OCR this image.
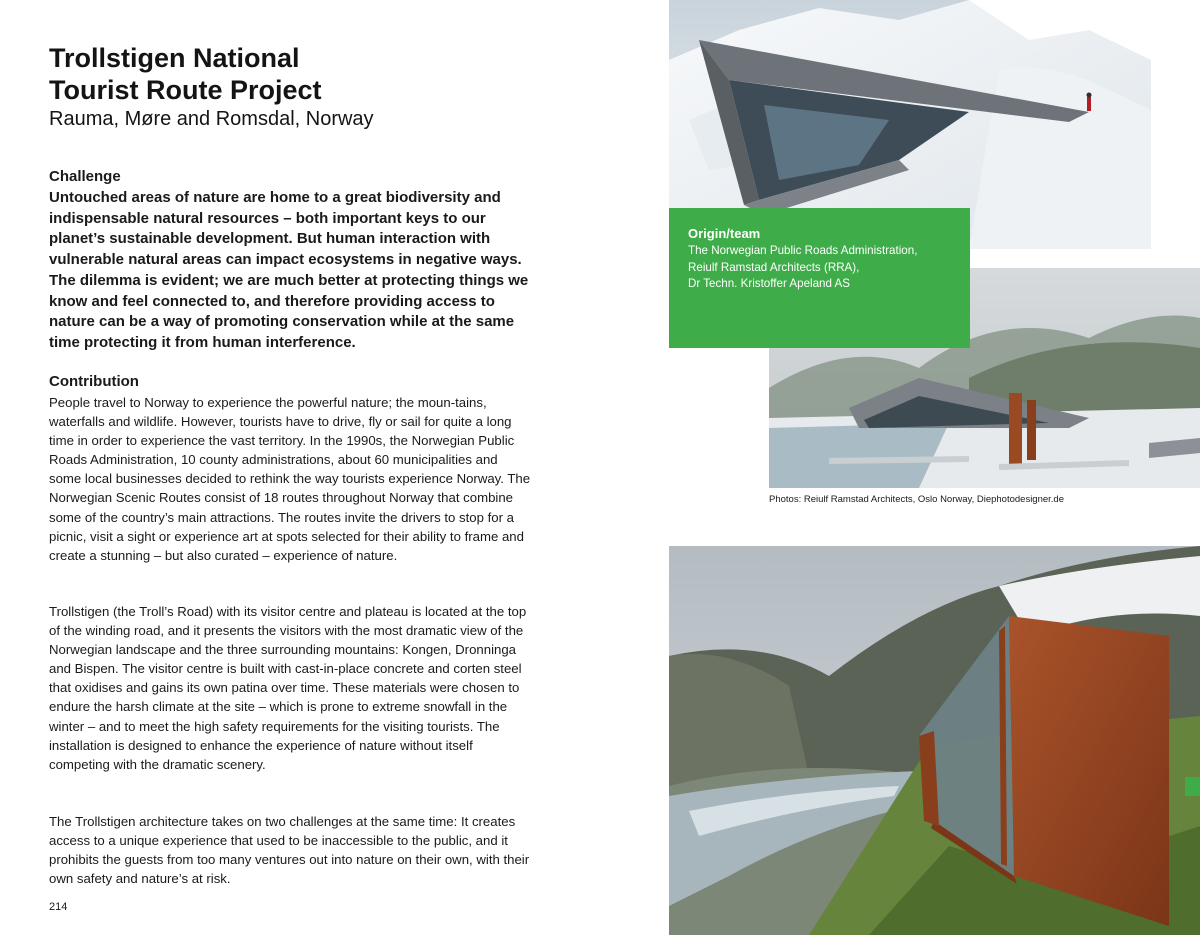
Trollstigen National
Tourist Route Project
Rauma, Møre and Romsdal, Norway
Challenge

Untouched areas of nature are home to a great biodiversity and indispensable natural resources – both important keys to our planet’s sustainable development. But human interaction with vulnerable natural areas can impact ecosystems in negative ways. The dilemma is evident; we are much better at protecting things we know and feel connected to, and therefore providing access to nature can be a way of promoting conservation while at the same time protecting it from human interference.

Contribution

People travel to Norway to experience the powerful nature; the moun-tains, waterfalls and wildlife. However, tourists have to drive, fly or sail for quite a long time in order to experience the vast territory. In the 1990s, the Norwegian Public Roads Administration, 10 county administrations, about 60 municipalities and some local businesses decided to rethink the way tourists experience Norway. The Norwegian Scenic Routes consist of 18 routes throughout Norway that combine some of the country’s main attractions. The routes invite the drivers to stop for a picnic, visit a sight or experience art at spots selected for their ability to frame and create a stunning – but also curated – experience of nature.

Trollstigen (the Troll’s Road) with its visitor centre and plateau is located at the top of the winding road, and it presents the visitors with the most dramatic view of the Norwegian landscape and the three surrounding mountains: Kongen, Dronninga and Bispen. The visitor centre is built with cast-in-place concrete and corten steel that oxidises and gains its own patina over time. These materials were chosen to endure the harsh climate at the site – which is prone to extreme snowfall in the winter – and to meet the high safety requirements for the visiting tourists. The installation is designed to enhance the experience of nature without itself competing with the dramatic scenery.

The Trollstigen architecture takes on two challenges at the same time: It creates access to a unique experience that used to be inaccessible to the public, and it prohibits the guests from too many ventures out into nature on their own, with their own safety and nature’s at risk.

214
Origin/team
The Norwegian Public Roads Administration,
Reiulf Ramstad Architects (RRA),
Dr Techn. Kristoffer Apeland AS
Photos: Reiulf Ramstad Architects, Oslo Norway, Diephotodesigner.de
